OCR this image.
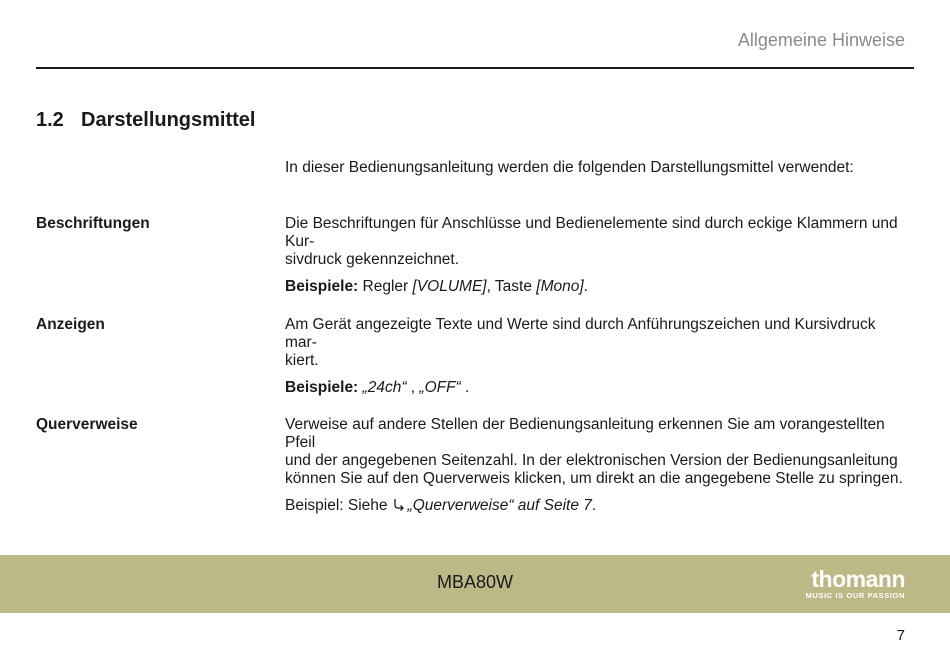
Allgemeine Hinweise
1.2 Darstellungsmittel
In dieser Bedienungsanleitung werden die folgenden Darstellungsmittel verwendet:
Beschriftungen	Die Beschriftungen für Anschlüsse und Bedienelemente sind durch eckige Klammern und Kur-

sivdruck gekennzeichnet.

Beispiele: Regler [VOLUME], Taste [Mono].

Anzeigen	Am Gerät angezeigte Texte und Werte sind durch Anführungszeichen und Kursivdruck mar-

kiert.

Beispiele: „24ch“ , „OFF“ .

Querverweise	Verweise auf andere Stellen der Bedienungsanleitung erkennen Sie am vorangestellten Pfeil

und der angegebenen Seitenzahl. In der elektronischen Version der Bedienungsanleitung

können Sie auf den Querverweis klicken, um direkt an die angegebene Stelle zu springen.

Beispiel: Siehe „Querverweise“ auf Seite 7.

MBA80W	thomann
MUSIC IS OUR PASSION
7
